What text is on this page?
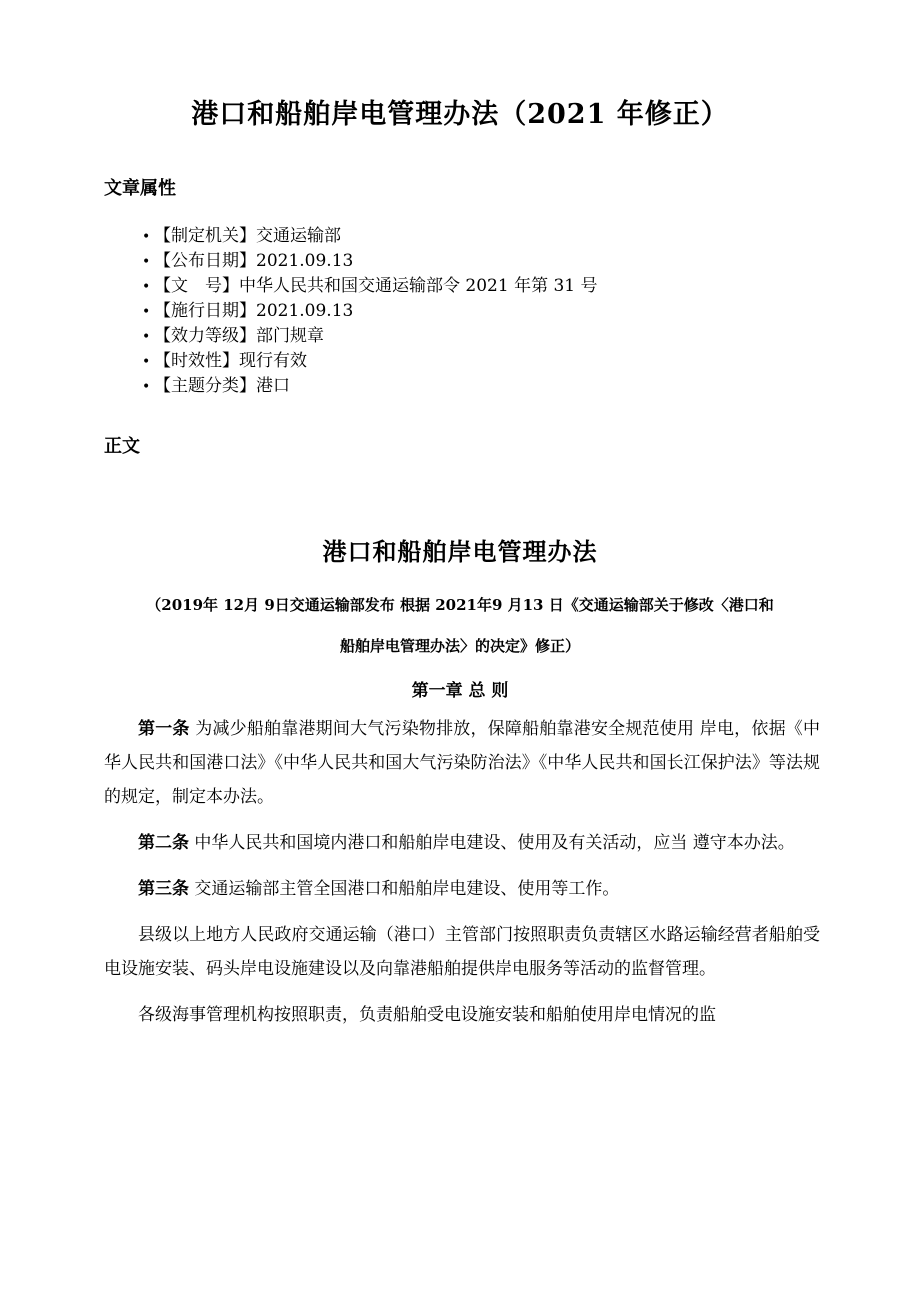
港口和船舶岸电管理办法（2021 年修正）
文章属性
• 【制定机关】交通运输部
• 【公布日期】2021.09.13
• 【文　号】中华人民共和国交通运输部令 2021 年第 31 号
• 【施行日期】2021.09.13
• 【效力等级】部门规章
• 【时效性】现行有效
• 【主题分类】港口
正文
港口和船舶岸电管理办法
（2019年 12月 9日交通运输部发布 根据 2021年9 月13 日《交通运输部关于修改〈港口和
船舶岸电管理办法〉的决定》修正）
第一章 总 则

第一条 为减少船舶靠港期间大气污染物排放，保障船舶靠港安全规范使用 岸电，依据《中华人民共和国港口法》《中华人民共和国大气污染防治法》《中华人民共和国长江保护法》等法规的规定，制定本办法。

第二条 中华人民共和国境内港口和船舶岸电建设、使用及有关活动，应当 遵守本办法。

第三条 交通运输部主管全国港口和船舶岸电建设、使用等工作。

县级以上地方人民政府交通运输（港口）主管部门按照职责负责辖区水路运输经营者船舶受电设施安装、码头岸电设施建设以及向靠港船舶提供岸电服务等活动的监督管理。

各级海事管理机构按照职责，负责船舶受电设施安装和船舶使用岸电情况的监
